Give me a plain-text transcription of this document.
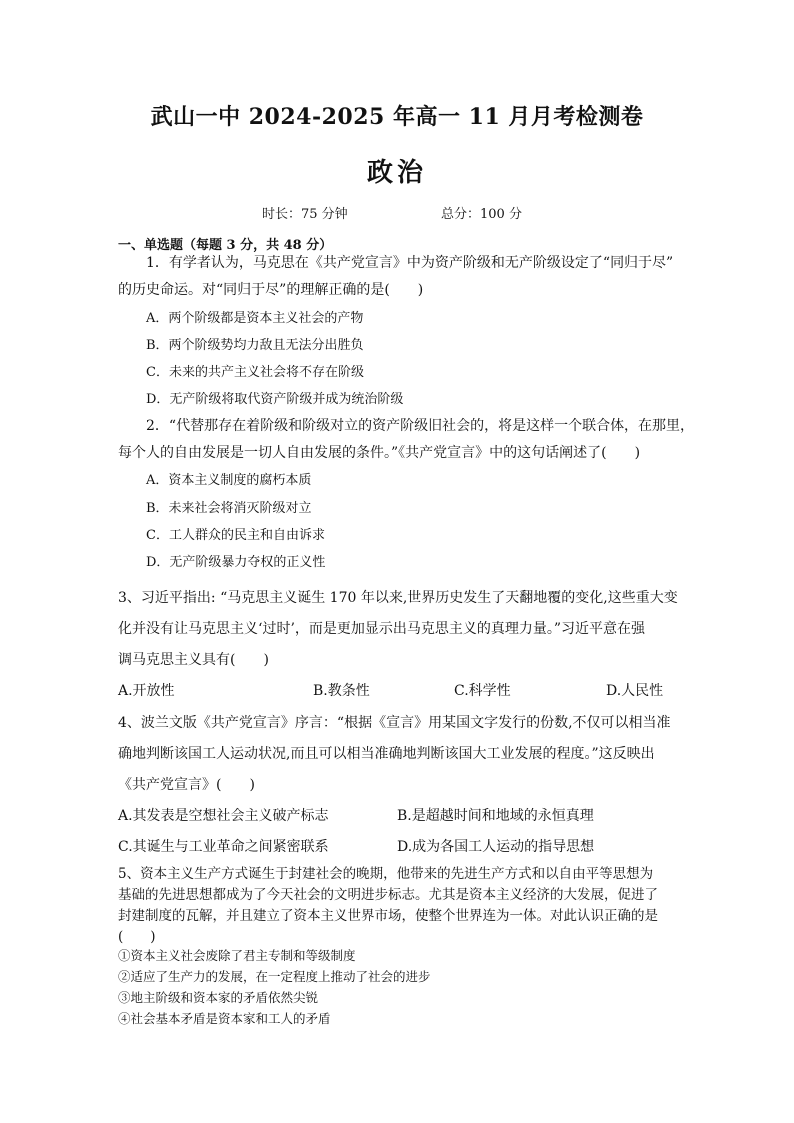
武山一中 2024-2025 年高一 11 月月考检测卷
政治
时长：75 分钟	总分：100 分
一、单选题（每题 3 分，共 48 分）
1．有学者认为，马克思在《共产党宣言》中为资产阶级和无产阶级设定了“同归于尽”
的历史命运。对“同归于尽”的理解正确的是(　　)
A．两个阶级都是资本主义社会的产物
B．两个阶级势均力敌且无法分出胜负
C．未来的共产主义社会将不存在阶级
D．无产阶级将取代资产阶级并成为统治阶级
2．“代替那存在着阶级和阶级对立的资产阶级旧社会的，将是这样一个联合体，在那里，
每个人的自由发展是一切人自由发展的条件。”《共产党宣言》中的这句话阐述了(　　)
A．资本主义制度的腐朽本质
B．未来社会将消灭阶级对立
C．工人群众的民主和自由诉求
D．无产阶级暴力夺权的正义性
3、习近平指出: “马克思主义诞生 170 年以来,世界历史发生了天翻地覆的变化,这些重大变
化并没有让马克思主义‘过时’，而是更加显示出马克思主义的真理力量。”习近平意在强
调马克思主义具有(　　)
A.开放性	B.教条性	C.科学性	D.人民性
4、波兰文版《共产党宣言》序言：“根据《宣言》用某国文字发行的份数,不仅可以相当准
确地判断该国工人运动状况,而且可以相当准确地判断该国大工业发展的程度。”这反映出
《共产党宣言》(　　)
A.其发表是空想社会主义破产标志	B.是超越时间和地域的永恒真理
C.其诞生与工业革命之间紧密联系	D.成为各国工人运动的指导思想
5、资本主义生产方式诞生于封建社会的晚期，他带来的先进生产方式和以自由平等思想为
基础的先进思想都成为了今天社会的文明进步标志。尤其是资本主义经济的大发展，促进了
封建制度的瓦解，并且建立了资本主义世界市场，使整个世界连为一体。对此认识正确的是
(　　)
①资本主义社会废除了君主专制和等级制度
②适应了生产力的发展，在一定程度上推动了社会的进步
③地主阶级和资本家的矛盾依然尖锐
④社会基本矛盾是资本家和工人的矛盾
